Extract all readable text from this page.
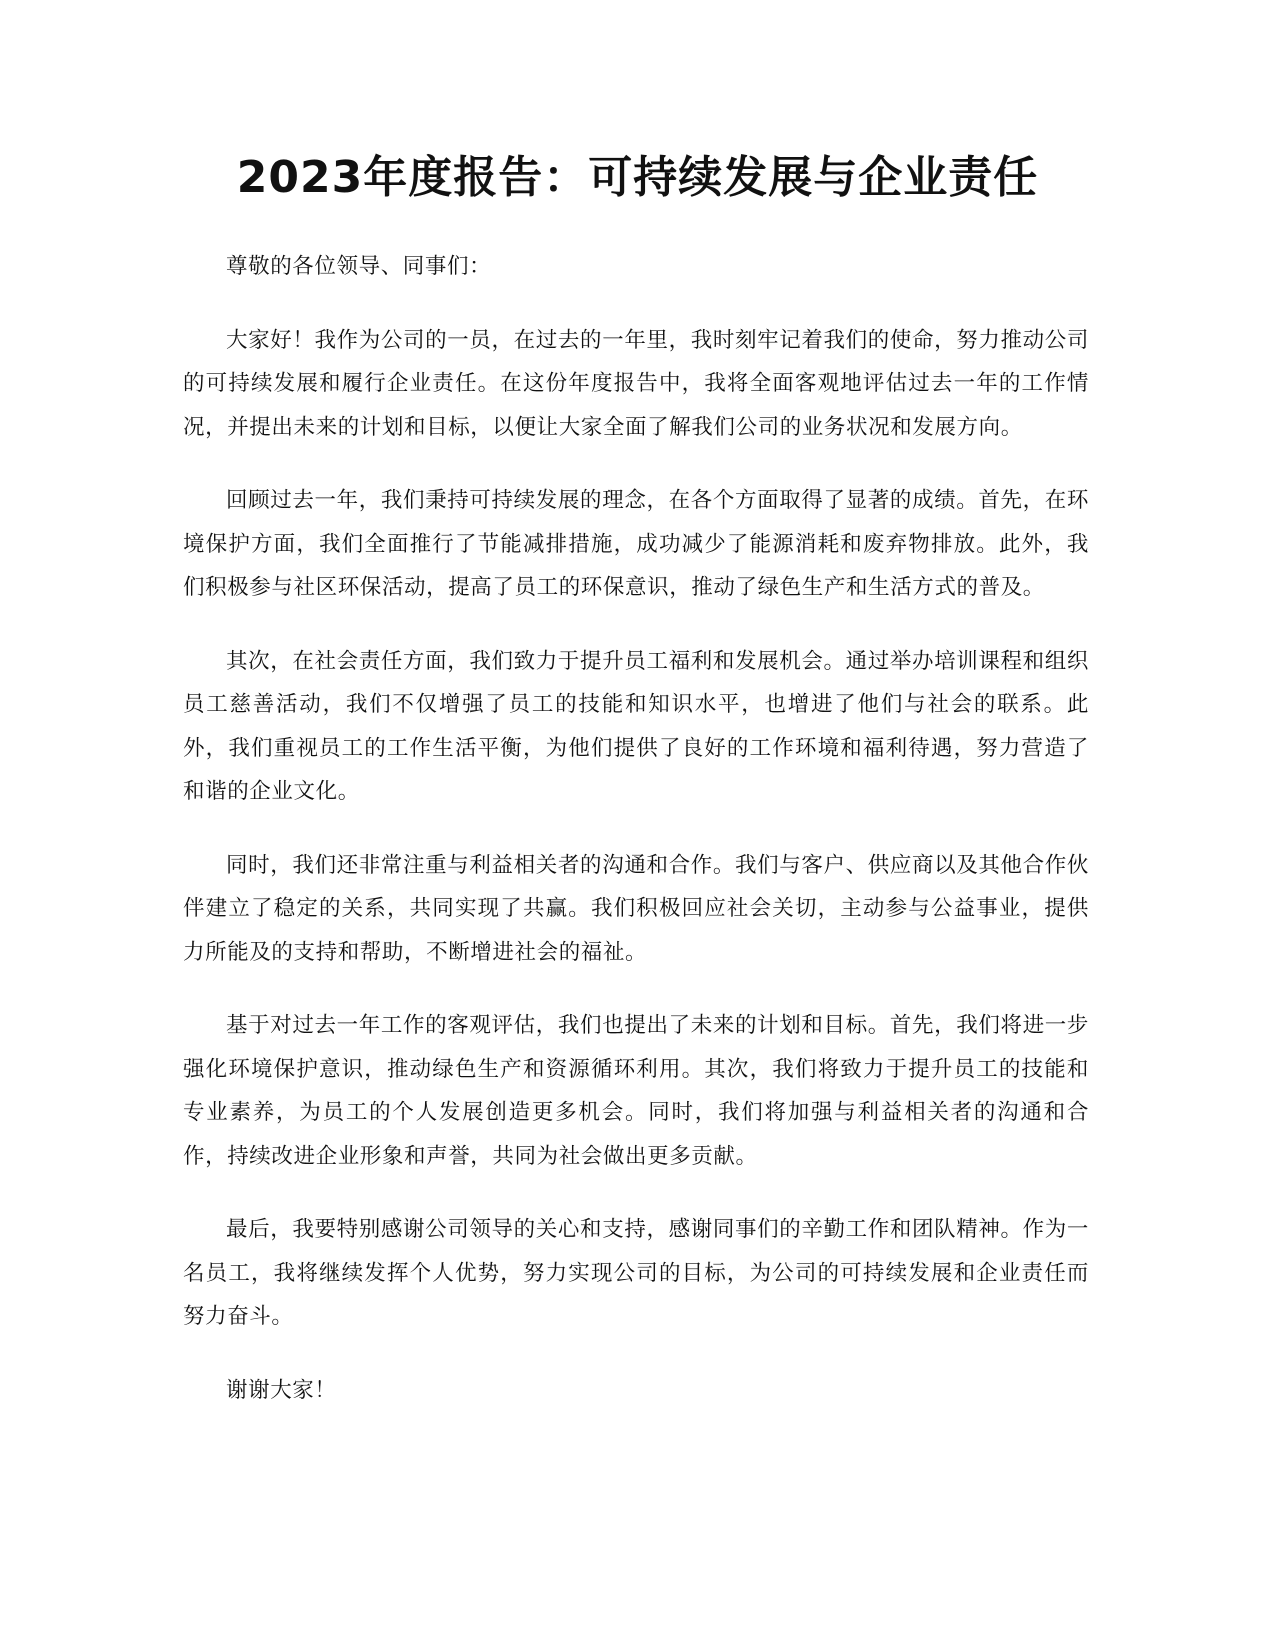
2023年度报告：可持续发展与企业责任

尊敬的各位领导、同事们：

大家好！我作为公司的一员，在过去的一年里，我时刻牢记着我们的使命，努力推动公司的可持续发展和履行企业责任。在这份年度报告中，我将全面客观地评估过去一年的工作情况，并提出未来的计划和目标，以便让大家全面了解我们公司的业务状况和发展方向。

回顾过去一年，我们秉持可持续发展的理念，在各个方面取得了显著的成绩。首先，在环境保护方面，我们全面推行了节能减排措施，成功减少了能源消耗和废弃物排放。此外，我们积极参与社区环保活动，提高了员工的环保意识，推动了绿色生产和生活方式的普及。

其次，在社会责任方面，我们致力于提升员工福利和发展机会。通过举办培训课程和组织员工慈善活动，我们不仅增强了员工的技能和知识水平，也增进了他们与社会的联系。此外，我们重视员工的工作生活平衡，为他们提供了良好的工作环境和福利待遇，努力营造了和谐的企业文化。

同时，我们还非常注重与利益相关者的沟通和合作。我们与客户、供应商以及其他合作伙伴建立了稳定的关系，共同实现了共赢。我们积极回应社会关切，主动参与公益事业，提供力所能及的支持和帮助，不断增进社会的福祉。

基于对过去一年工作的客观评估，我们也提出了未来的计划和目标。首先，我们将进一步强化环境保护意识，推动绿色生产和资源循环利用。其次，我们将致力于提升员工的技能和专业素养，为员工的个人发展创造更多机会。同时，我们将加强与利益相关者的沟通和合作，持续改进企业形象和声誉，共同为社会做出更多贡献。

最后，我要特别感谢公司领导的关心和支持，感谢同事们的辛勤工作和团队精神。作为一名员工，我将继续发挥个人优势，努力实现公司的目标，为公司的可持续发展和企业责任而努力奋斗。

谢谢大家！
